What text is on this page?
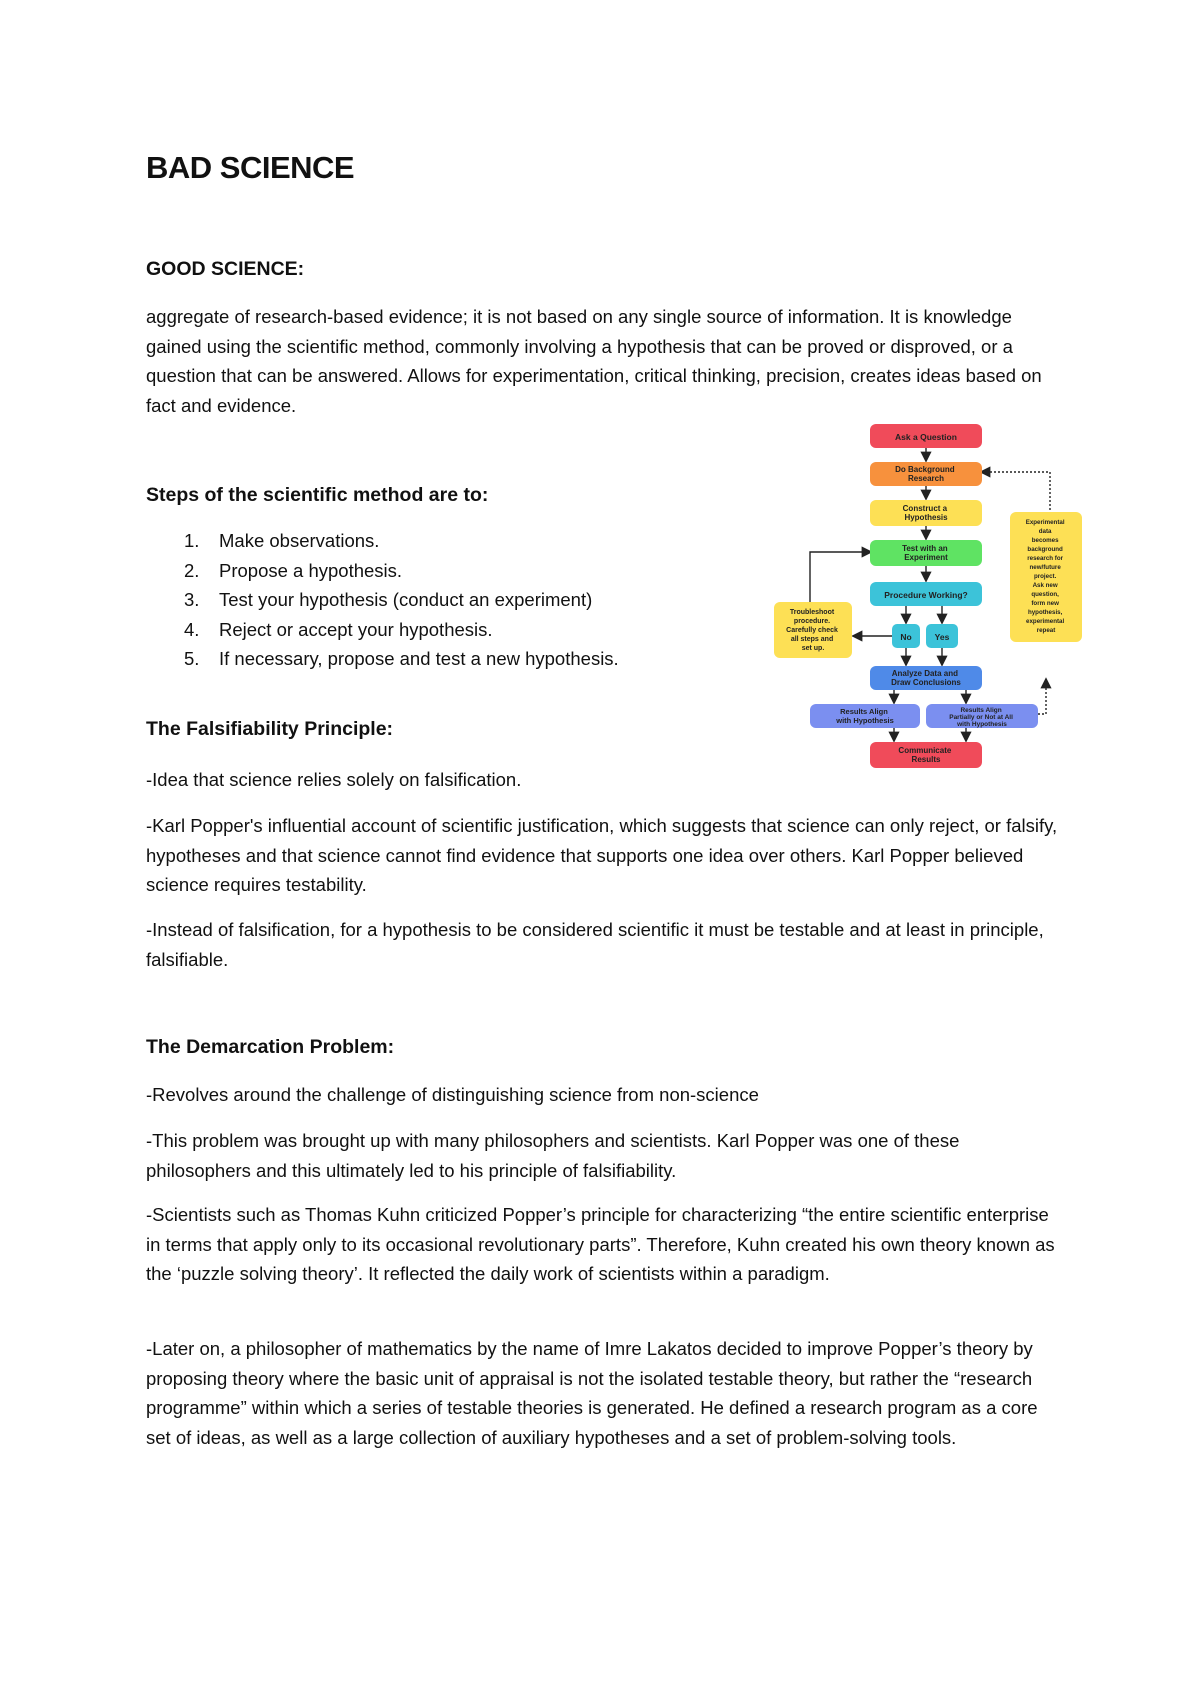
BAD SCIENCE
GOOD SCIENCE:

aggregate of research-based evidence; it is not based on any single source of information. It is knowledge gained using the scientific method, commonly involving a hypothesis that can be proved or disproved, or a question that can be answered. Allows for experimentation, critical thinking, precision, creates ideas based on fact and evidence.

Steps of the scientific method are to:
1. Make observations.
2. Propose a hypothesis.
3. Test your hypothesis (conduct an experiment)
4. Reject or accept your hypothesis.
5. If necessary, propose and test a new hypothesis.
Ask a Question
Do Background Research
Construct a Hypothesis
Test with an Experiment
Procedure Working?
No	Yes
Troubleshoot procedure. Carefully check all steps and set up.
Analyze Data and Draw Conclusions
Results Align with Hypothesis
Results Align Partially or Not at All with Hypothesis
Communicate Results
Experimental data becomes background research for new/future project. Ask new question, form new hypothesis, experimental repeat
The Falsifiability Principle:

-Idea that science relies solely on falsification.

-Karl Popper's influential account of scientific justification, which suggests that science can only reject, or falsify, hypotheses and that science cannot find evidence that supports one idea over others. Karl Popper believed science requires testability.

-Instead of falsification, for a hypothesis to be considered scientific it must be testable and at least in principle, falsifiable.

The Demarcation Problem:

-Revolves around the challenge of distinguishing science from non-science

-This problem was brought up with many philosophers and scientists. Karl Popper was one of these philosophers and this ultimately led to his principle of falsifiability.

-Scientists such as Thomas Kuhn criticized Popper’s principle for characterizing “the entire scientific enterprise in terms that apply only to its occasional revolutionary parts”. Therefore, Kuhn created his own theory known as the ‘puzzle solving theory’. It reflected the daily work of scientists within a paradigm.

-Later on, a philosopher of mathematics by the name of Imre Lakatos decided to improve Popper’s theory by proposing theory where the basic unit of appraisal is not the isolated testable theory, but rather the “research programme” within which a series of testable theories is generated. He defined a research program as a core set of ideas, as well as a large collection of auxiliary hypotheses and a set of problem-solving tools.
